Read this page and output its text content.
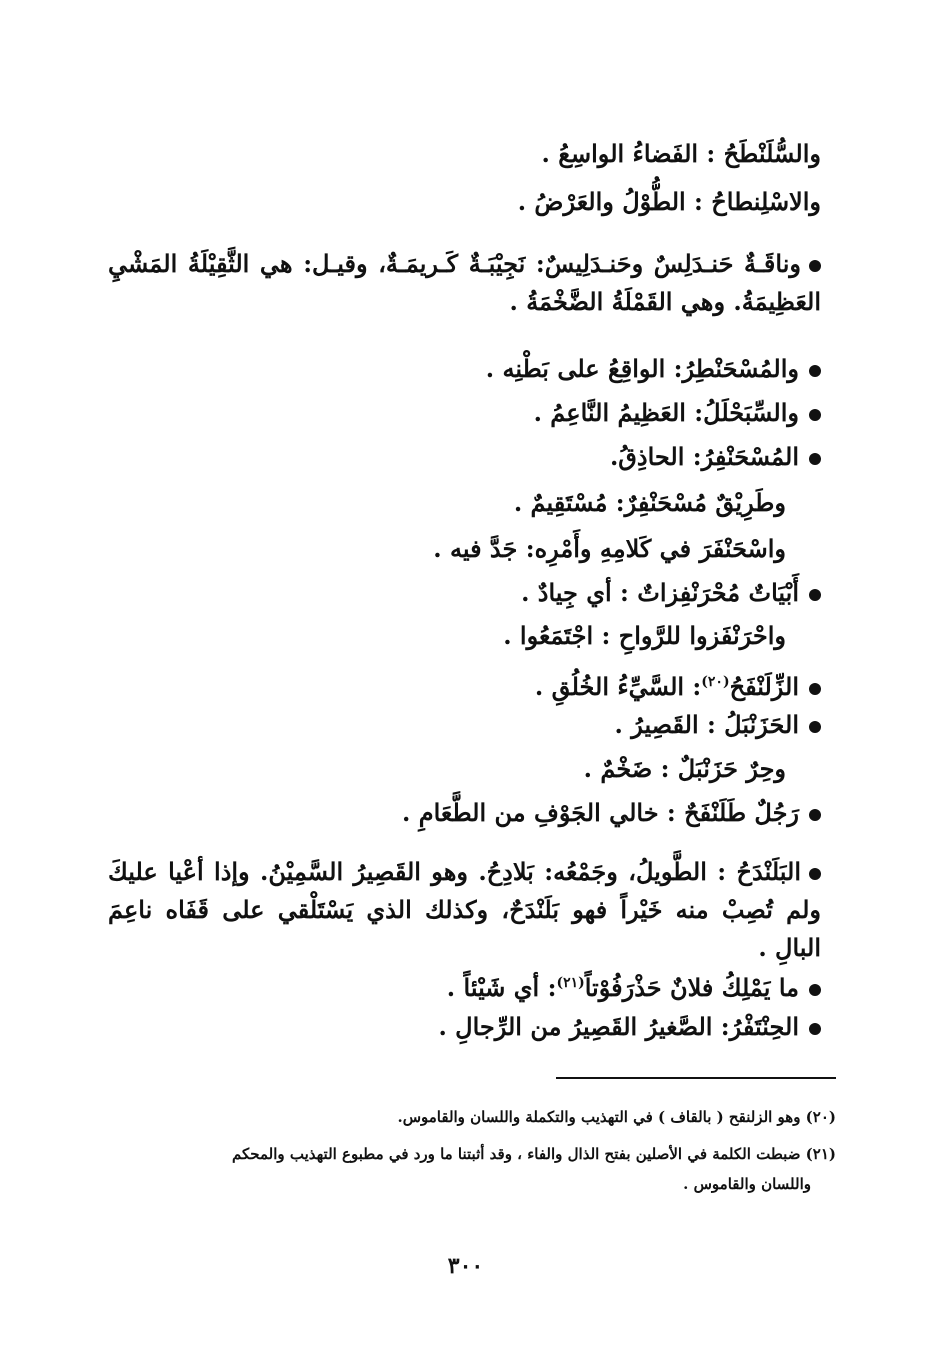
والسُّلَنْطَحُ : الفَضاءُ الواسِعُ .
والاسْلِنطاحُ : الطُّوْلُ والعَرْضُ .
وناقَـةٌ حَنـدَلِسٌ وحَنـدَلِيسٌ: نَجِيْبَـةٌ كَـريمَـةٌ، وقيـل: هي الثَّقِيْلَةُ المَشْيِ العَظِيمَةُ. وهي القَمْلَةُ الضَّخْمَةُ .
والمُسْحَنْطِرُ: الواقِعُ على بَطْنِه .
والسِّبَحْلَلُ: العَظِيمُ النَّاعِمُ .
المُسْحَنْفِرُ: الحاذِقُ.
وطَرِيْقٌ مُسْحَنْفِرٌ: مُسْتَقِيمٌ .
واسْحَنْفَرَ في كَلامِهِ وأَمْرِه: جَدَّ فيه .
أَبْيَاتٌ مُحْرَنْفِزاتٌ : أي جِيادٌ .
واحْرَنْفَزوا للرَّواحِ : اجْتَمَعُوا .
الزِّلَنْفَحُ$^{(٢٠)}$: السَّيِّءُ الخُلُقِ .
الحَزَنْبَلُ : القَصِيرُ .
وحِرٌ حَزَنْبَلٌ : ضَخْمٌ .
رَجُلٌ طَلَنْفَحٌ : خالي الجَوْفِ من الطَّعَامِ .
البَلَنْدَحُ : الطَّويلُ، وجَمْعُه: بَلادِحُ. وهو القَصِيرُ السَّمِيْنُ. وإذا أعْيا عليكَ ولم تُصِبْ منه خَيْراً فهو بَلَنْدَحٌ، وكذلك الذي يَسْتَلْقي على قَفَاه ناعِمَ البالِ .
ما يَمْلِكُ فلانٌ حَذْرَفُوْتاً$^{(٢١)}$: أي شَيْئاً .
الحِنْتَفْرُ: الصَّغيرُ القَصِيرُ من الرِّجالِ .
(٢٠) وهو الزلنقح ( بالقاف ) في التهذيب والتكملة واللسان والقاموس.
(٢١) ضبطت الكلمة في الأصلين بفتح الذال والفاء ، وقد أثبتنا ما ورد في مطبوع التهذيب والمحكم
واللسان والقاموس .
٣٠٠
